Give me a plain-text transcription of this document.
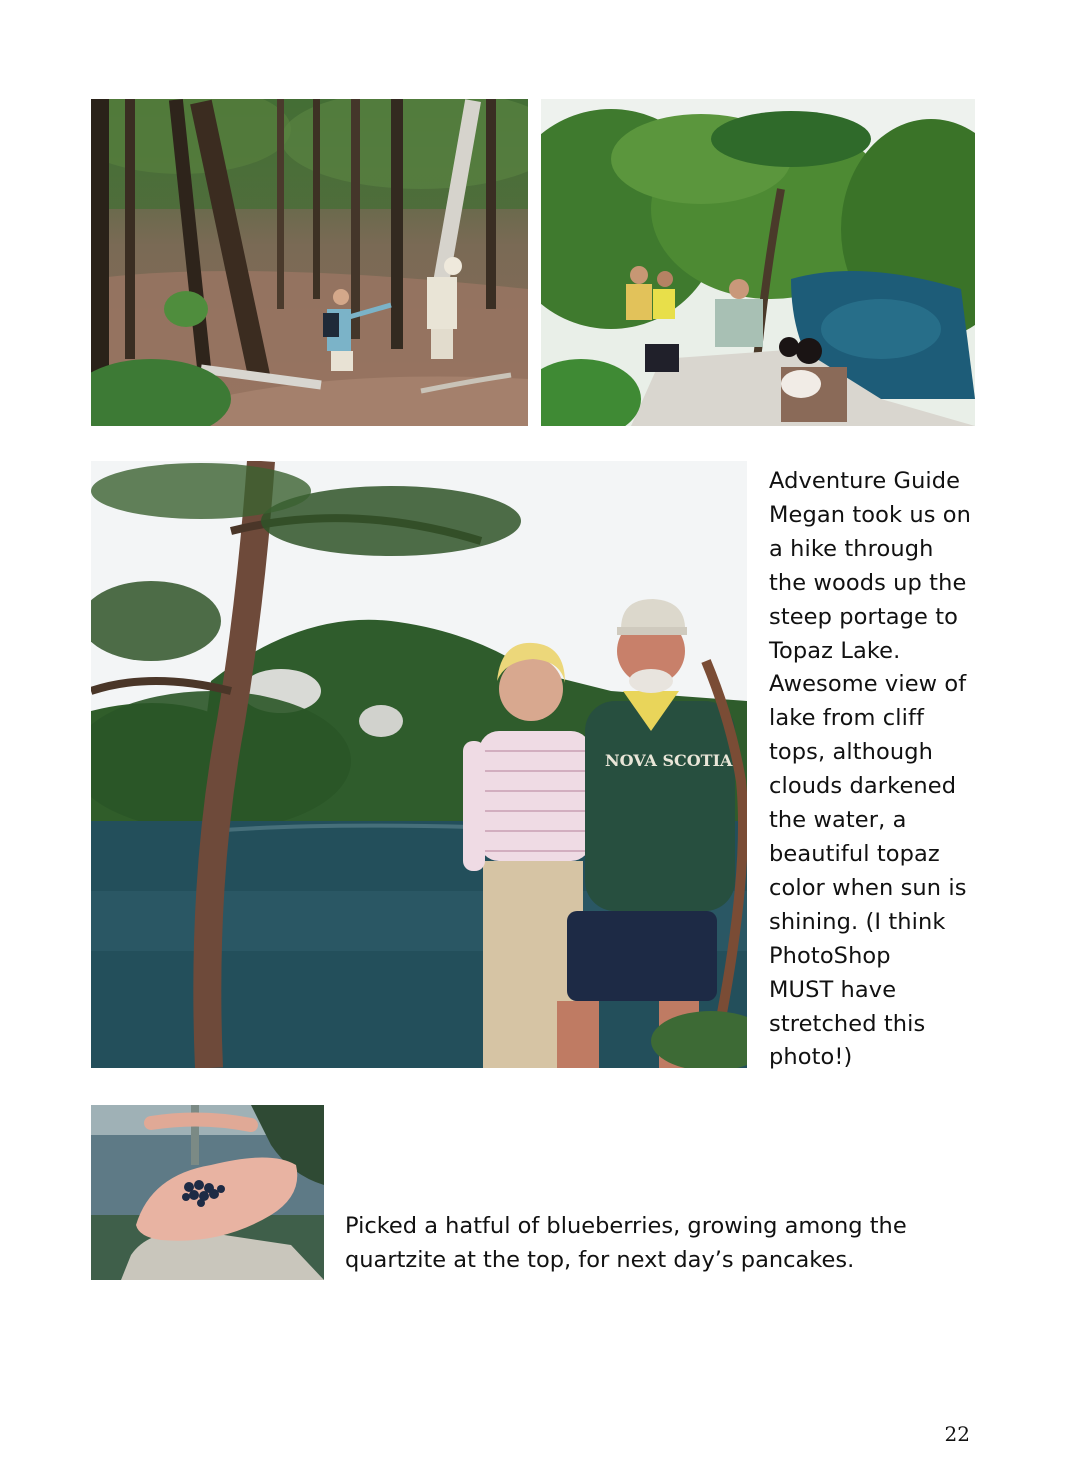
NOVA SCOTIA
Adventure Guide
Megan took us on
a hike through
the woods up the
steep portage to
Topaz Lake.
Awesome view of
lake from cliff
tops, although
clouds darkened
the water, a
beautiful topaz
color when sun is
shining. (I think
PhotoShop
MUST have
stretched this
photo!)
Picked a hatful of blueberries, growing among the
quartzite at the top, for next day’s pancakes.
22
